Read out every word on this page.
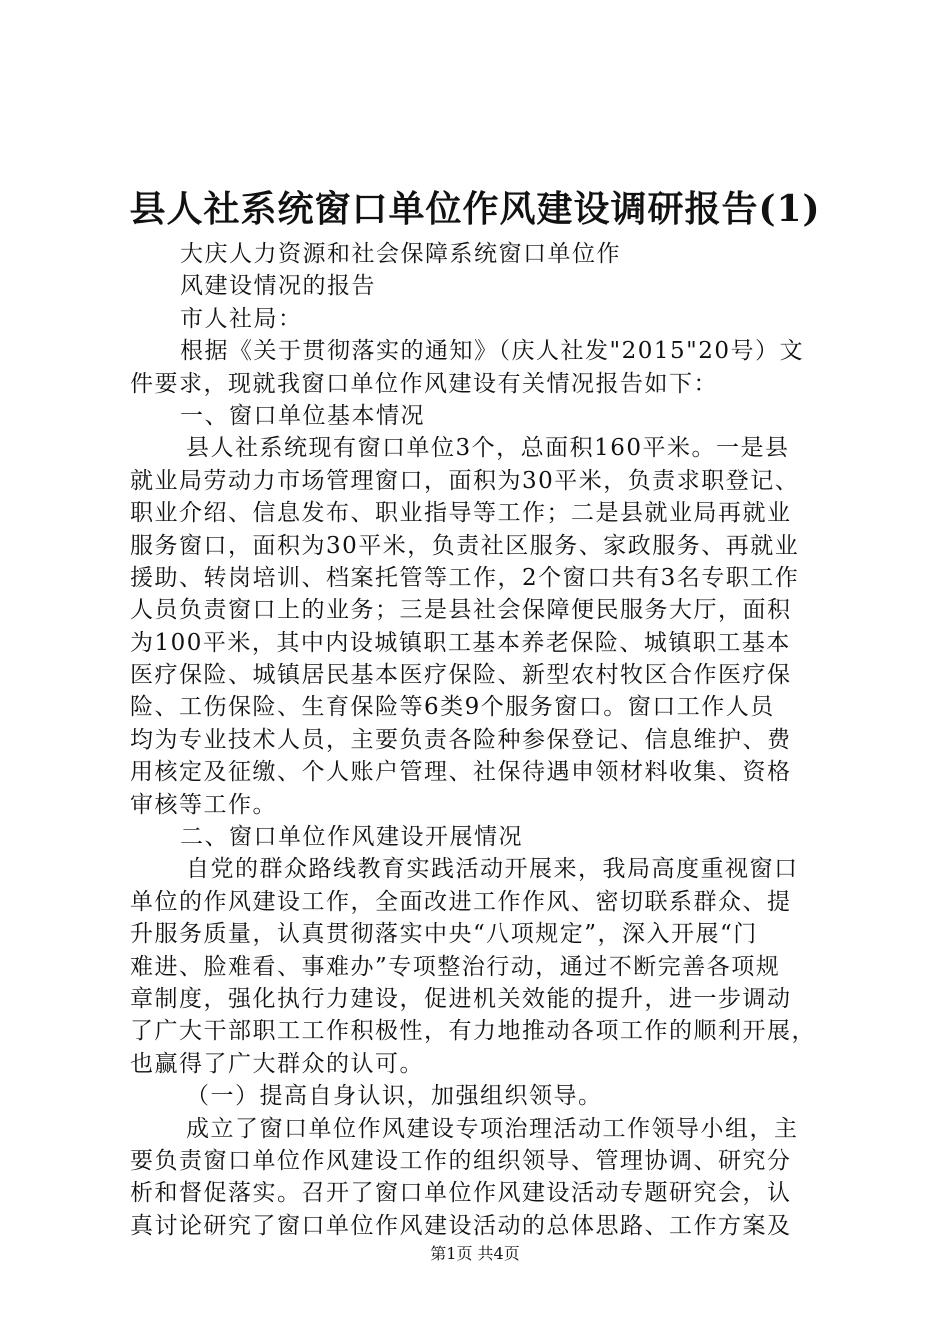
县人社系统窗口单位作风建设调研报告(1)
大庆人力资源和社会保障系统窗口单位作
风建设情况的报告
市人社局：
根据《关于贯彻落实的通知》（庆人社发"2015"20号）文
件要求，现就我窗口单位作风建设有关情况报告如下：
一、窗口单位基本情况
县人社系统现有窗口单位3个，总面积160平米。一是县
就业局劳动力市场管理窗口，面积为30平米，负责求职登记、
职业介绍、信息发布、职业指导等工作；二是县就业局再就业
服务窗口，面积为30平米，负责社区服务、家政服务、再就业
援助、转岗培训、档案托管等工作，2个窗口共有3名专职工作
人员负责窗口上的业务；三是县社会保障便民服务大厅，面积
为100平米，其中内设城镇职工基本养老保险、城镇职工基本
医疗保险、城镇居民基本医疗保险、新型农村牧区合作医疗保
险、工伤保险、生育保险等6类9个服务窗口。窗口工作人员
均为专业技术人员，主要负责各险种参保登记、信息维护、费
用核定及征缴、个人账户管理、社保待遇申领材料收集、资格
审核等工作。
二、窗口单位作风建设开展情况
自党的群众路线教育实践活动开展来，我局高度重视窗口
单位的作风建设工作，全面改进工作作风、密切联系群众、提
升服务质量，认真贯彻落实中央“八项规定”，深入开展“门
难进、脸难看、事难办”专项整治行动，通过不断完善各项规
章制度，强化执行力建设，促进机关效能的提升，进一步调动
了广大干部职工工作积极性，有力地推动各项工作的顺利开展，
也赢得了广大群众的认可。
（一）提高自身认识，加强组织领导。
成立了窗口单位作风建设专项治理活动工作领导小组，主
要负责窗口单位作风建设工作的组织领导、管理协调、研究分
析和督促落实。召开了窗口单位作风建设活动专题研究会，认
真讨论研究了窗口单位作风建设活动的总体思路、工作方案及
第1页 共4页
